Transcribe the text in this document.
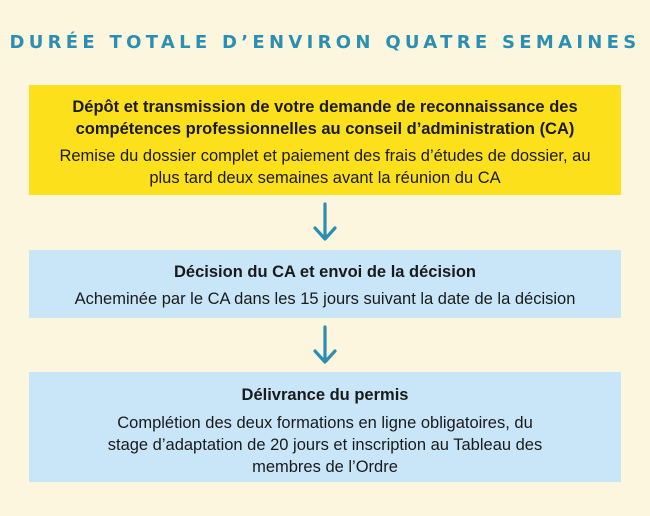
DURÉE TOTALE D’ENVIRON QUATRE SEMAINES
Dépôt et transmission de votre demande de reconnaissance des compétences professionnelles au conseil d’administration (CA)
Remise du dossier complet et paiement des frais d’études de dossier, au plus tard deux semaines avant la réunion du CA
Décision du CA et envoi de la décision
Acheminée par le CA dans les 15 jours suivant la date de la décision
Délivrance du permis
Complétion des deux formations en ligne obligatoires, du stage d’adaptation de 20 jours et inscription au Tableau des membres de l’Ordre
